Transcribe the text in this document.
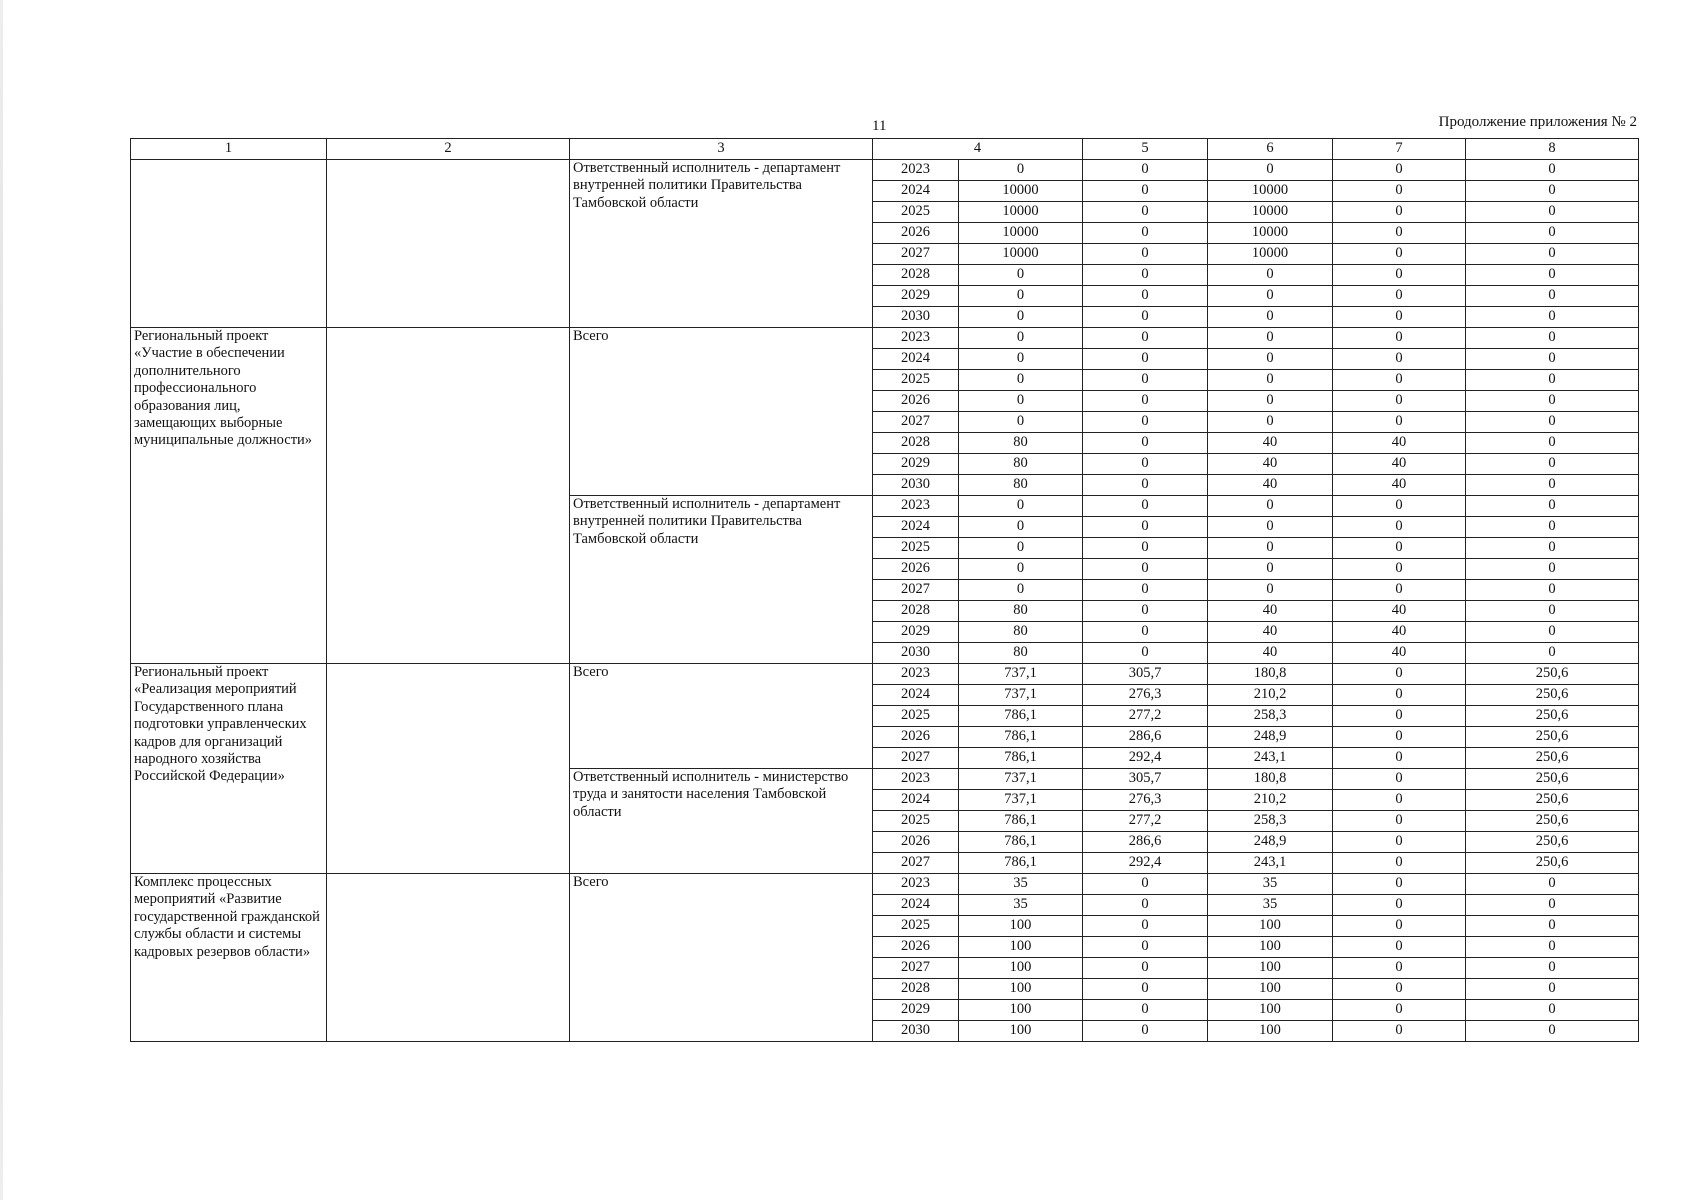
11	Продолжение приложения № 2
1	2	3	4		5	6	7	8
		Ответственный исполнитель - департамент внутренней политики Правительства Тамбовской области	2023	0	0	0	0	0
			2024	10000	0	10000	0	0
			2025	10000	0	10000	0	0
			2026	10000	0	10000	0	0
			2027	10000	0	10000	0	0
			2028	0	0	0	0	0
			2029	0	0	0	0	0
			2030	0	0	0	0	0
Региональный проект «Участие в обеспечении дополнительного профессионального образования лиц, замещающих выборные муниципальные должности»		Всего	2023	0	0	0	0	0
			2024	0	0	0	0	0
			2025	0	0	0	0	0
			2026	0	0	0	0	0
			2027	0	0	0	0	0
			2028	80	0	40	40	0
			2029	80	0	40	40	0
			2030	80	0	40	40	0
		Ответственный исполнитель - департамент внутренней политики Правительства Тамбовской области	2023	0	0	0	0	0
			2024	0	0	0	0	0
			2025	0	0	0	0	0
			2026	0	0	0	0	0
			2027	0	0	0	0	0
			2028	80	0	40	40	0
			2029	80	0	40	40	0
			2030	80	0	40	40	0
Региональный проект «Реализация мероприятий Государственного плана подготовки управленческих кадров для организаций народного хозяйства Российской Федерации»		Всего	2023	737,1	305,7	180,8	0	250,6
			2024	737,1	276,3	210,2	0	250,6
			2025	786,1	277,2	258,3	0	250,6
			2026	786,1	286,6	248,9	0	250,6
			2027	786,1	292,4	243,1	0	250,6
		Ответственный исполнитель - министерство труда и занятости населения Тамбовской области	2023	737,1	305,7	180,8	0	250,6
			2024	737,1	276,3	210,2	0	250,6
			2025	786,1	277,2	258,3	0	250,6
			2026	786,1	286,6	248,9	0	250,6
			2027	786,1	292,4	243,1	0	250,6
Комплекс процессных мероприятий «Развитие государственной гражданской службы области и системы кадровых резервов области»		Всего	2023	35	0	35	0	0
			2024	35	0	35	0	0
			2025	100	0	100	0	0
			2026	100	0	100	0	0
			2027	100	0	100	0	0
			2028	100	0	100	0	0
			2029	100	0	100	0	0
			2030	100	0	100	0	0
